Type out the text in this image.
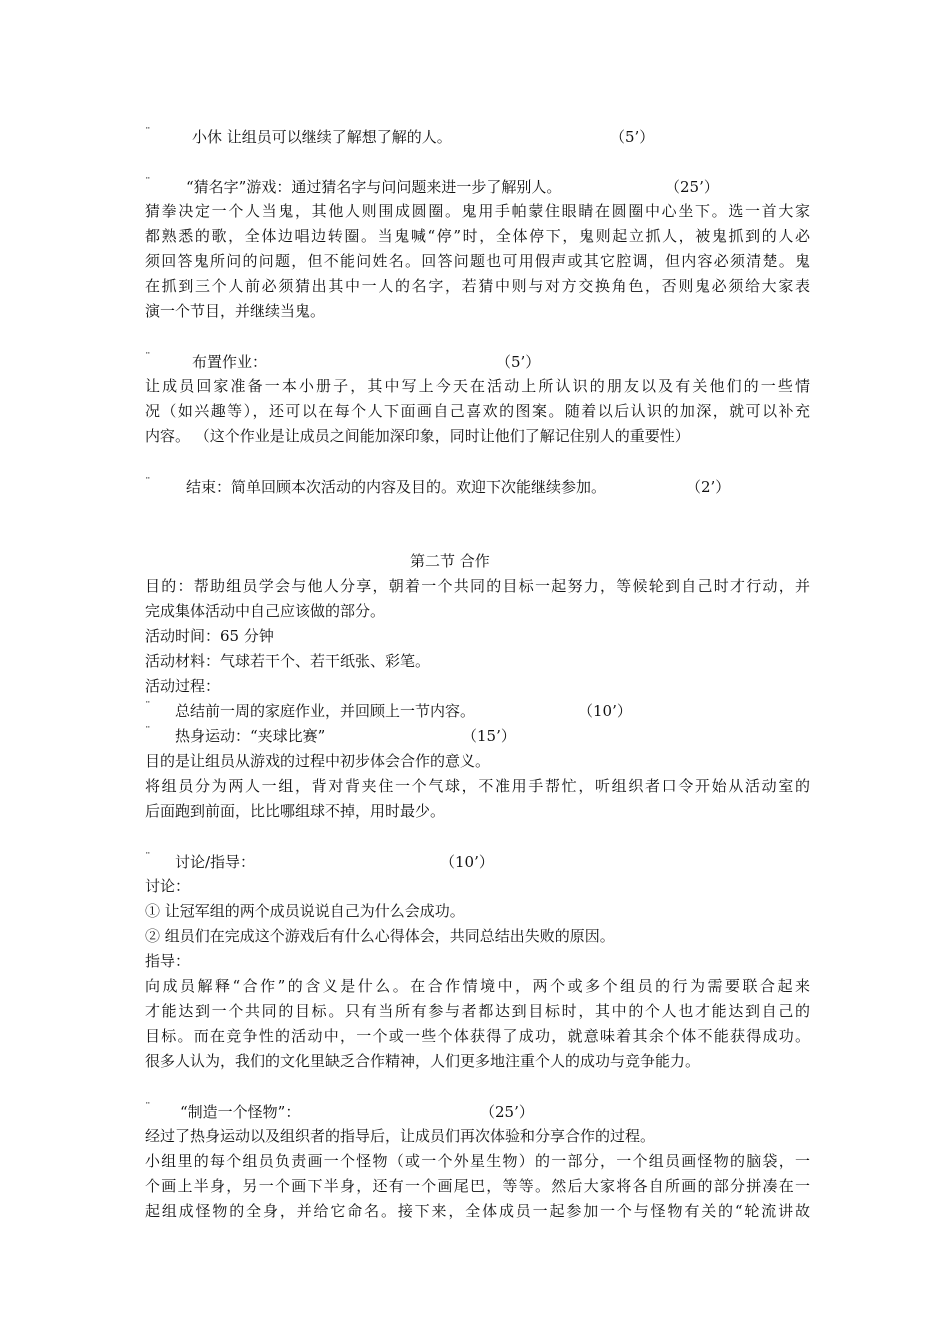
¨	小休 让组员可以继续了解想了解的人。	（5’）
¨ “猜名字”游戏：通过猜名字与问问题来进一步了解别人。	（25’）
猜拳决定一个人当鬼，其他人则围成圆圈。鬼用手帕蒙住眼睛在圆圈中心坐下。选一首大家
都熟悉的歌，全体边唱边转圈。当鬼喊“停”时，全体停下，鬼则起立抓人，被鬼抓到的人必
须回答鬼所问的问题，但不能问姓名。回答问题也可用假声或其它腔调，但内容必须清楚。鬼
在抓到三个人前必须猜出其中一人的名字，若猜中则与对方交换角色，否则鬼必须给大家表
演一个节目，并继续当鬼。
¨	布置作业：	（5’）
让成员回家准备一本小册子，其中写上今天在活动上所认识的朋友以及有关他们的一些情
况（如兴趣等），还可以在每个人下面画自己喜欢的图案。随着以后认识的加深，就可以补充
内容。 （这个作业是让成员之间能加深印象，同时让他们了解记住别人的重要性）
¨ 结束：简单回顾本次活动的内容及目的。欢迎下次能继续参加。	（2’）
第二节 合作
目的：帮助组员学会与他人分享，朝着一个共同的目标一起努力，等候轮到自己时才行动，并
完成集体活动中自己应该做的部分。
活动时间：65 分钟
活动材料：气球若干个、若干纸张、彩笔。
活动过程：
¨ 总结前一周的家庭作业，并回顾上一节内容。	（10’）
¨ 热身运动：“夹球比赛”	（15’）
目的是让组员从游戏的过程中初步体会合作的意义。
将组员分为两人一组，背对背夹住一个气球，不准用手帮忙，听组织者口令开始从活动室的
后面跑到前面，比比哪组球不掉，用时最少。
¨ 讨论/指导：	（10’）
讨论：
① 让冠军组的两个成员说说自己为什么会成功。
② 组员们在完成这个游戏后有什么心得体会，共同总结出失败的原因。
指导：
向成员解释“合作”的含义是什么。在合作情境中，两个或多个组员的行为需要联合起来
才能达到一个共同的目标。只有当所有参与者都达到目标时，其中的个人也才能达到自己的
目标。而在竞争性的活动中，一个或一些个体获得了成功，就意味着其余个体不能获得成功。
很多人认为，我们的文化里缺乏合作精神，人们更多地注重个人的成功与竞争能力。
¨ “制造一个怪物”：	（25’）
经过了热身运动以及组织者的指导后，让成员们再次体验和分享合作的过程。
小组里的每个组员负责画一个怪物（或一个外星生物）的一部分，一个组员画怪物的脑袋，一
个画上半身，另一个画下半身，还有一个画尾巴，等等。然后大家将各自所画的部分拼凑在一
起组成怪物的全身，并给它命名。接下来，全体成员一起参加一个与怪物有关的“轮流讲故
